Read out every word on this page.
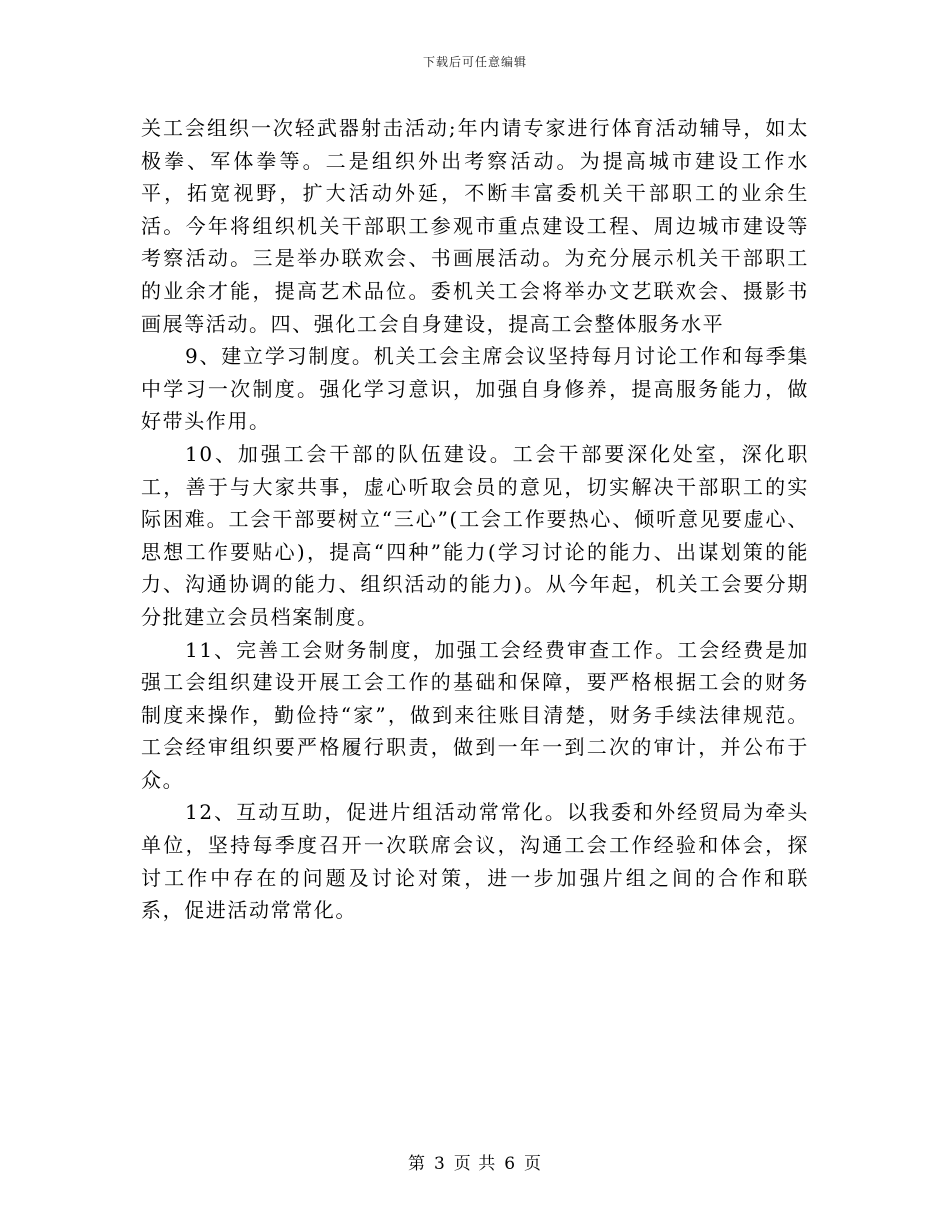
下载后可任意编辑

关工会组织一次轻武器射击活动;年内请专家进行体育活动辅导，如太极拳、军体拳等。二是组织外出考察活动。为提高城市建设工作水平，拓宽视野，扩大活动外延，不断丰富委机关干部职工的业余生活。今年将组织机关干部职工参观市重点建设工程、周边城市建设等考察活动。三是举办联欢会、书画展活动。为充分展示机关干部职工的业余才能，提高艺术品位。委机关工会将举办文艺联欢会、摄影书画展等活动。四、强化工会自身建设，提高工会整体服务水平

9、建立学习制度。机关工会主席会议坚持每月讨论工作和每季集中学习一次制度。强化学习意识，加强自身修养，提高服务能力，做好带头作用。

10、加强工会干部的队伍建设。工会干部要深化处室，深化职工，善于与大家共事，虚心听取会员的意见，切实解决干部职工的实际困难。工会干部要树立“三心”(工会工作要热心、倾听意见要虚心、思想工作要贴心)，提高“四种”能力(学习讨论的能力、出谋划策的能力、沟通协调的能力、组织活动的能力)。从今年起，机关工会要分期分批建立会员档案制度。

11、完善工会财务制度，加强工会经费审查工作。工会经费是加强工会组织建设开展工会工作的基础和保障，要严格根据工会的财务制度来操作，勤俭持“家”，做到来往账目清楚，财务手续法律规范。工会经审组织要严格履行职责，做到一年一到二次的审计，并公布于众。

12、互动互助，促进片组活动常常化。以我委和外经贸局为牵头单位，坚持每季度召开一次联席会议，沟通工会工作经验和体会，探讨工作中存在的问题及讨论对策，进一步加强片组之间的合作和联系，促进活动常常化。

第 3 页 共 6 页
